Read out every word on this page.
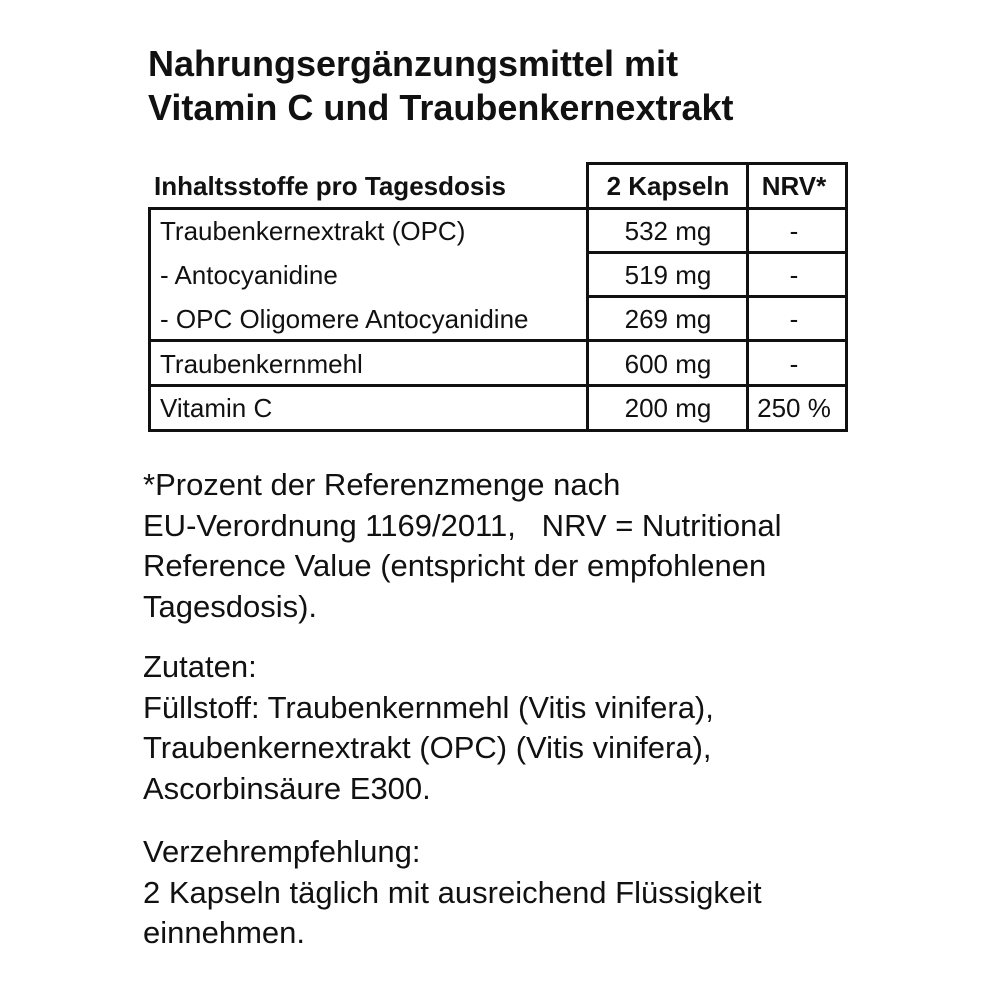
Nahrungsergänzungsmittel mit
Vitamin C und Traubenkernextrakt
Inhaltsstoffe pro Tagesdosis	2 Kapseln	NRV*
Traubenkernextrakt (OPC)	532 mg	-
- Antocyanidine	519 mg	-
- OPC Oligomere Antocyanidine	269 mg	-
Traubenkernmehl	600 mg	-
Vitamin C	200 mg	250 %

*Prozent der Referenzmenge nach
EU-Verordnung 1169/2011,   NRV = Nutritional
Reference Value (entspricht der empfohlenen
Tagesdosis).

Zutaten:
Füllstoff: Traubenkernmehl (Vitis vinifera),
Traubenkernextrakt (OPC) (Vitis vinifera),
Ascorbinsäure E300.

Verzehrempfehlung:
2 Kapseln täglich mit ausreichend Flüssigkeit
einnehmen.
